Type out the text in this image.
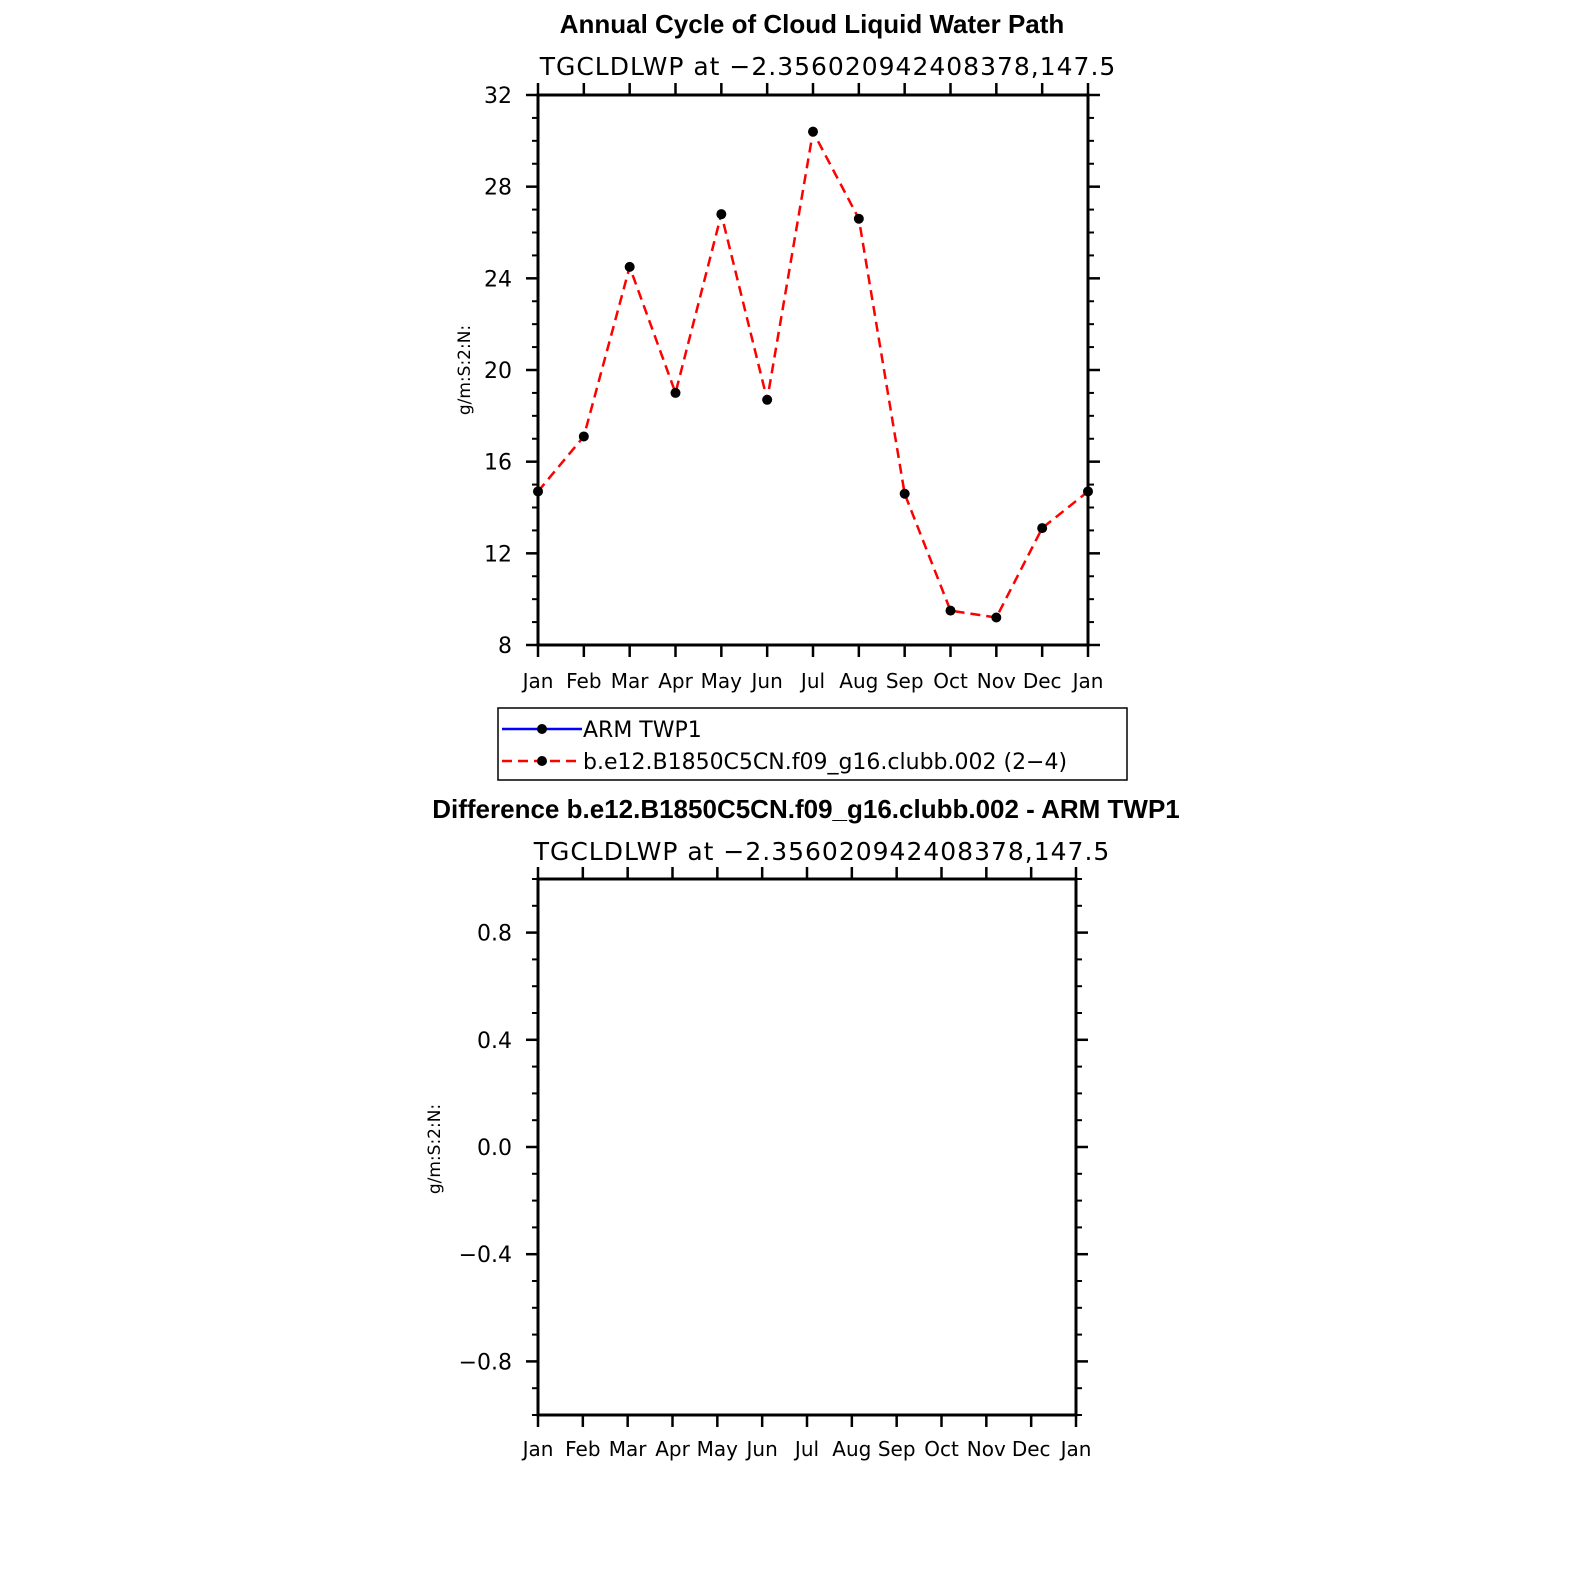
Annual Cycle of Cloud Liquid Water Path
TGCLDLWP at −2.356020942408378,147.5
g/m:S:2:N:
Jan Feb Mar Apr May Jun Jul Aug Sep Oct Nov Dec Jan
8
12
16
20
24
28
32
ARM TWP1
b.e12.B1850C5CN.f09_g16.clubb.002 (2−4)
Difference b.e12.B1850C5CN.f09_g16.clubb.002 - ARM TWP1
TGCLDLWP at −2.356020942408378,147.5
g/m:S:2:N:
Jan Feb Mar Apr May Jun Jul Aug Sep Oct Nov Dec Jan
0.8
0.4
0.0
−0.4
−0.8
